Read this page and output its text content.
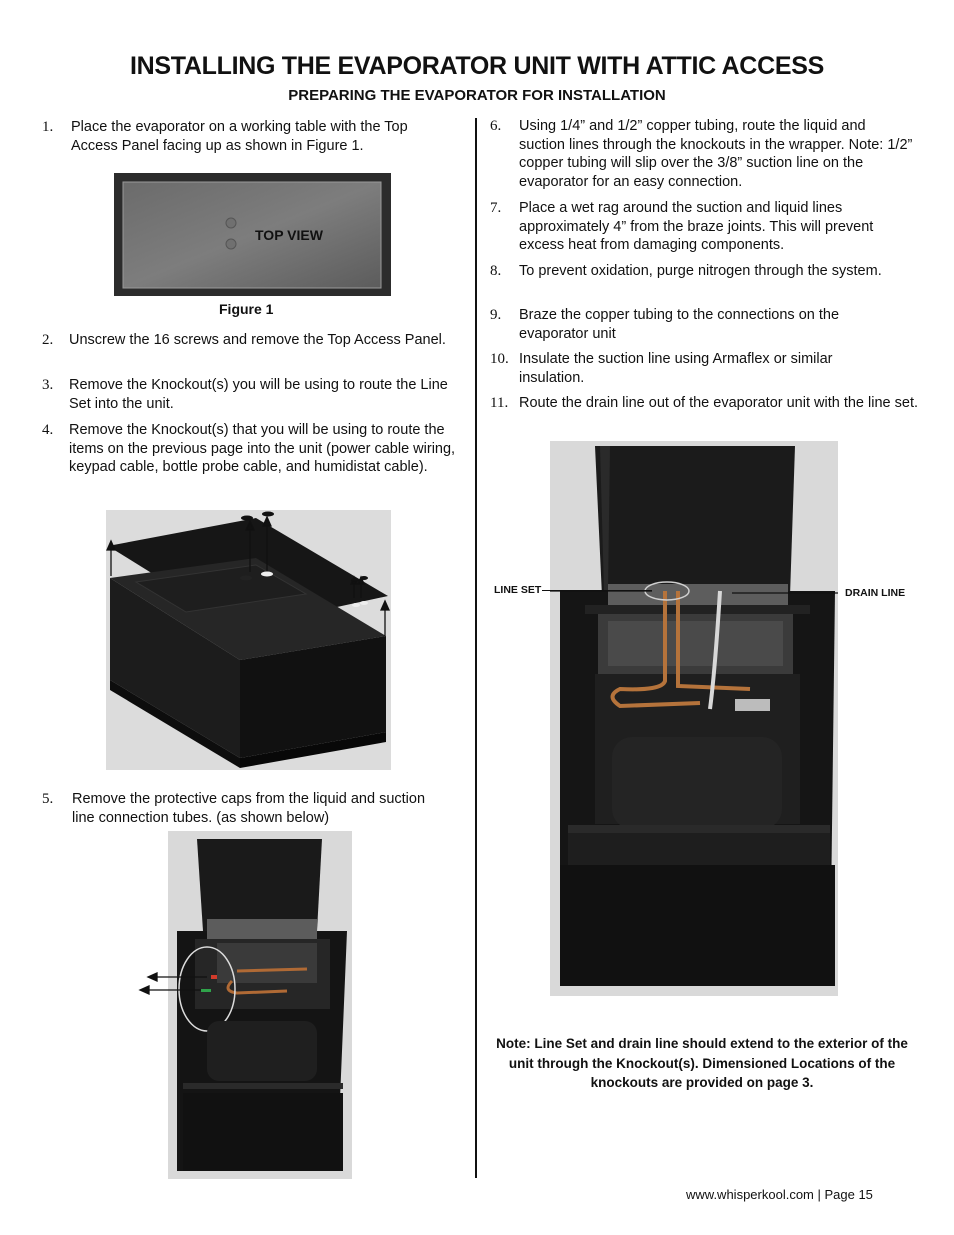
INSTALLING THE EVAPORATOR UNIT WITH ATTIC ACCESS
PREPARING THE EVAPORATOR FOR INSTALLATION
1. Place the evaporator on a working table with the Top Access Panel facing up as shown in Figure 1.
TOP VIEW
Figure 1
2. Unscrew the 16 screws and remove the Top Access Panel.
3. Remove the Knockout(s) you will be using to route the Line Set into the unit.
4. Remove the Knockout(s) that you will be using to route the items on the previous page into the unit (power cable wiring, keypad cable, bottle probe cable, and humidistat cable).
5. Remove the protective caps from the liquid and suction line connection tubes. (as shown below)
6. Using 1/4” and 1/2” copper tubing, route the liquid and suction lines through the knockouts in the wrapper. Note: 1/2” copper tubing will slip over the 3/8” suction line on the evaporator for an easy connection.
7. Place a wet rag around the suction and liquid lines approximately 4” from the braze joints. This will prevent excess heat from damaging components.
8. To prevent oxidation, purge nitrogen through the system.
9. Braze the copper tubing to the connections on the evaporator unit
10. Insulate the suction line using Armaflex or similar insulation.
11. Route the drain line out of the evaporator unit with the line set.
LINE SET	DRAIN LINE
Note: Line Set and drain line should extend to the exterior of the unit through the Knockout(s). Dimensioned Locations of the knockouts are provided on page 3.
www.whisperkool.com | Page 15
